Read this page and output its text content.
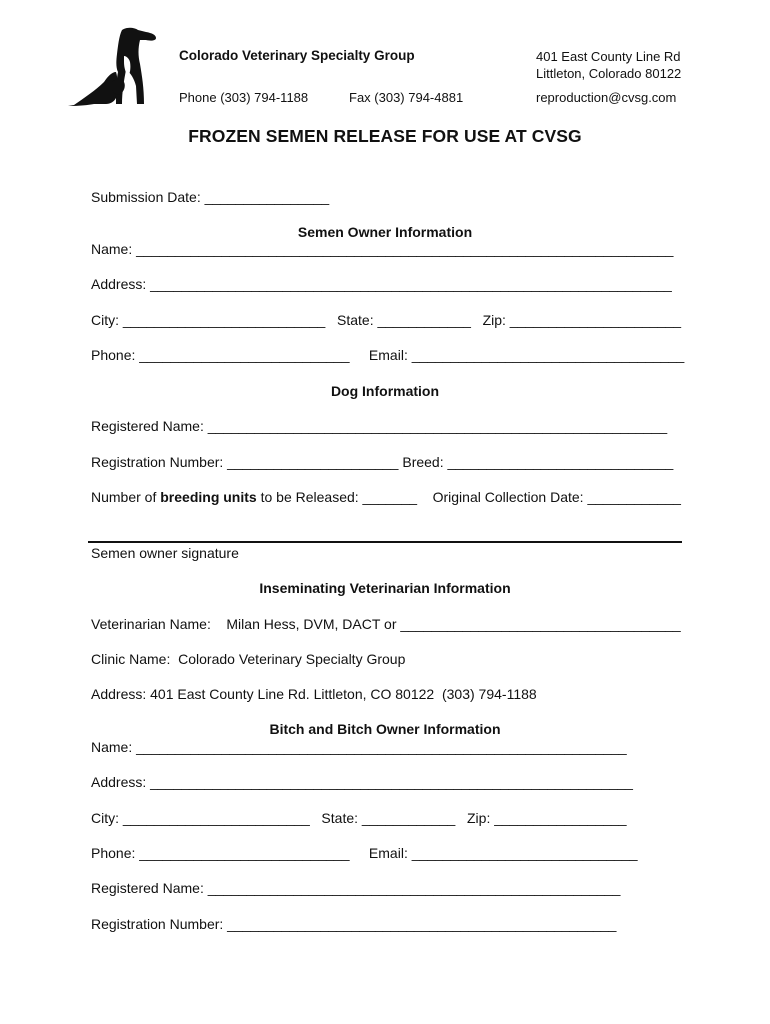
Colorado Veterinary Specialty Group	401 East County Line Rd
Littleton, Colorado 80122
Phone (303) 794-1188	Fax (303) 794-4881	reproduction@cvsg.com
FROZEN SEMEN RELEASE FOR USE AT CVSG
Submission Date: ________________
Semen Owner Information
Name: _____________________________________________________________________
Address: ___________________________________________________________________
City: __________________________   State: ____________   Zip: ______________________
Phone: ___________________________     Email: ___________________________________
Dog Information
Registered Name: ___________________________________________________________
Registration Number: ______________________ Breed: _____________________________
Number of breeding units to be Released: _______    Original Collection Date: ____________
Semen owner signature
Inseminating Veterinarian Information
Veterinarian Name:    Milan Hess, DVM, DACT or ____________________________________
Clinic Name:  Colorado Veterinary Specialty Group
Address: 401 East County Line Rd. Littleton, CO 80122  (303) 794-1188
Bitch and Bitch Owner Information
Name: _______________________________________________________________
Address: ______________________________________________________________
City: ________________________   State: ____________   Zip: _________________
Phone: ___________________________     Email: _____________________________
Registered Name: _____________________________________________________
Registration Number: __________________________________________________
